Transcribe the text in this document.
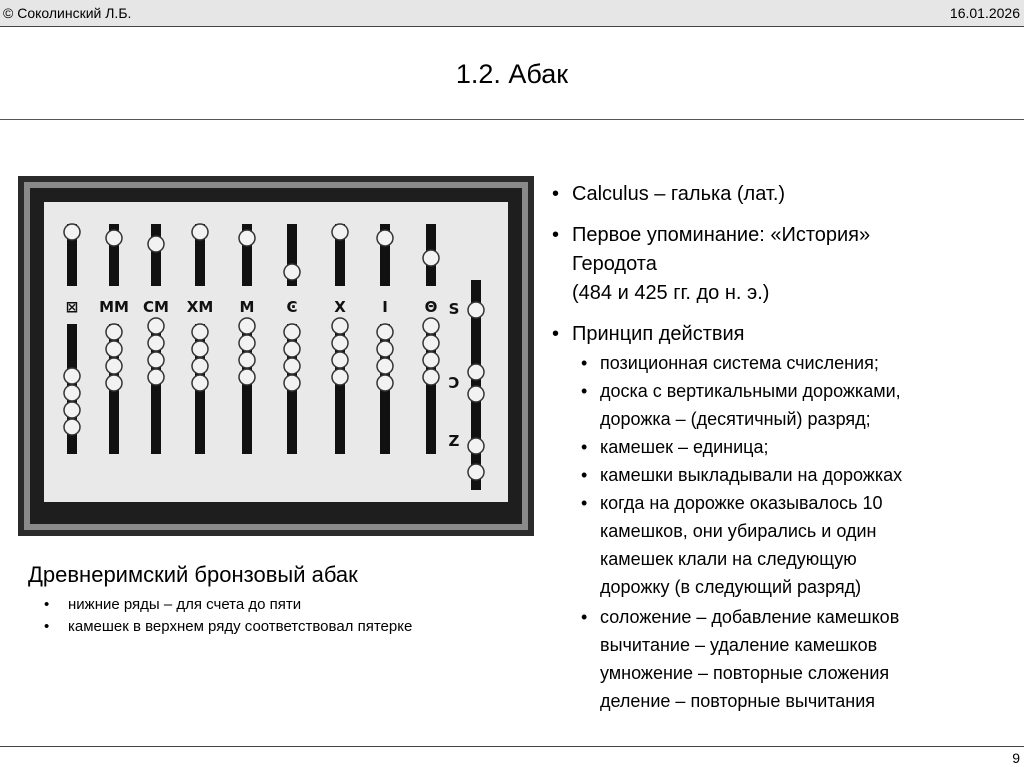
© Соколинский Л.Б.	16.01.2026
1.2. Абак
⊠ ММ СМ ХМ М Ͼ Х I Θ S
Ͻ
Z
Древнеримский бронзовый абак
• нижние ряды – для счета до пяти
• камешек в верхнем ряду соответствовал пятерке
• Calculus – галька (лат.)
• Первое упоминание: «История»
Геродота
(484 и 425 гг. до н. э.)
• Принцип действия
• позиционная система счисления;
• доска с вертикальными дорожками,
дорожка – (десятичный) разряд;
• камешек – единица;
• камешки выкладывали на дорожках
• когда на дорожке оказывалось 10
камешков, они убирались и один
камешек клали на следующую
дорожку (в следующий разряд)
• соложение – добавление камешков
вычитание – удаление камешков
умножение – повторные сложения
деление – повторные вычитания
9
